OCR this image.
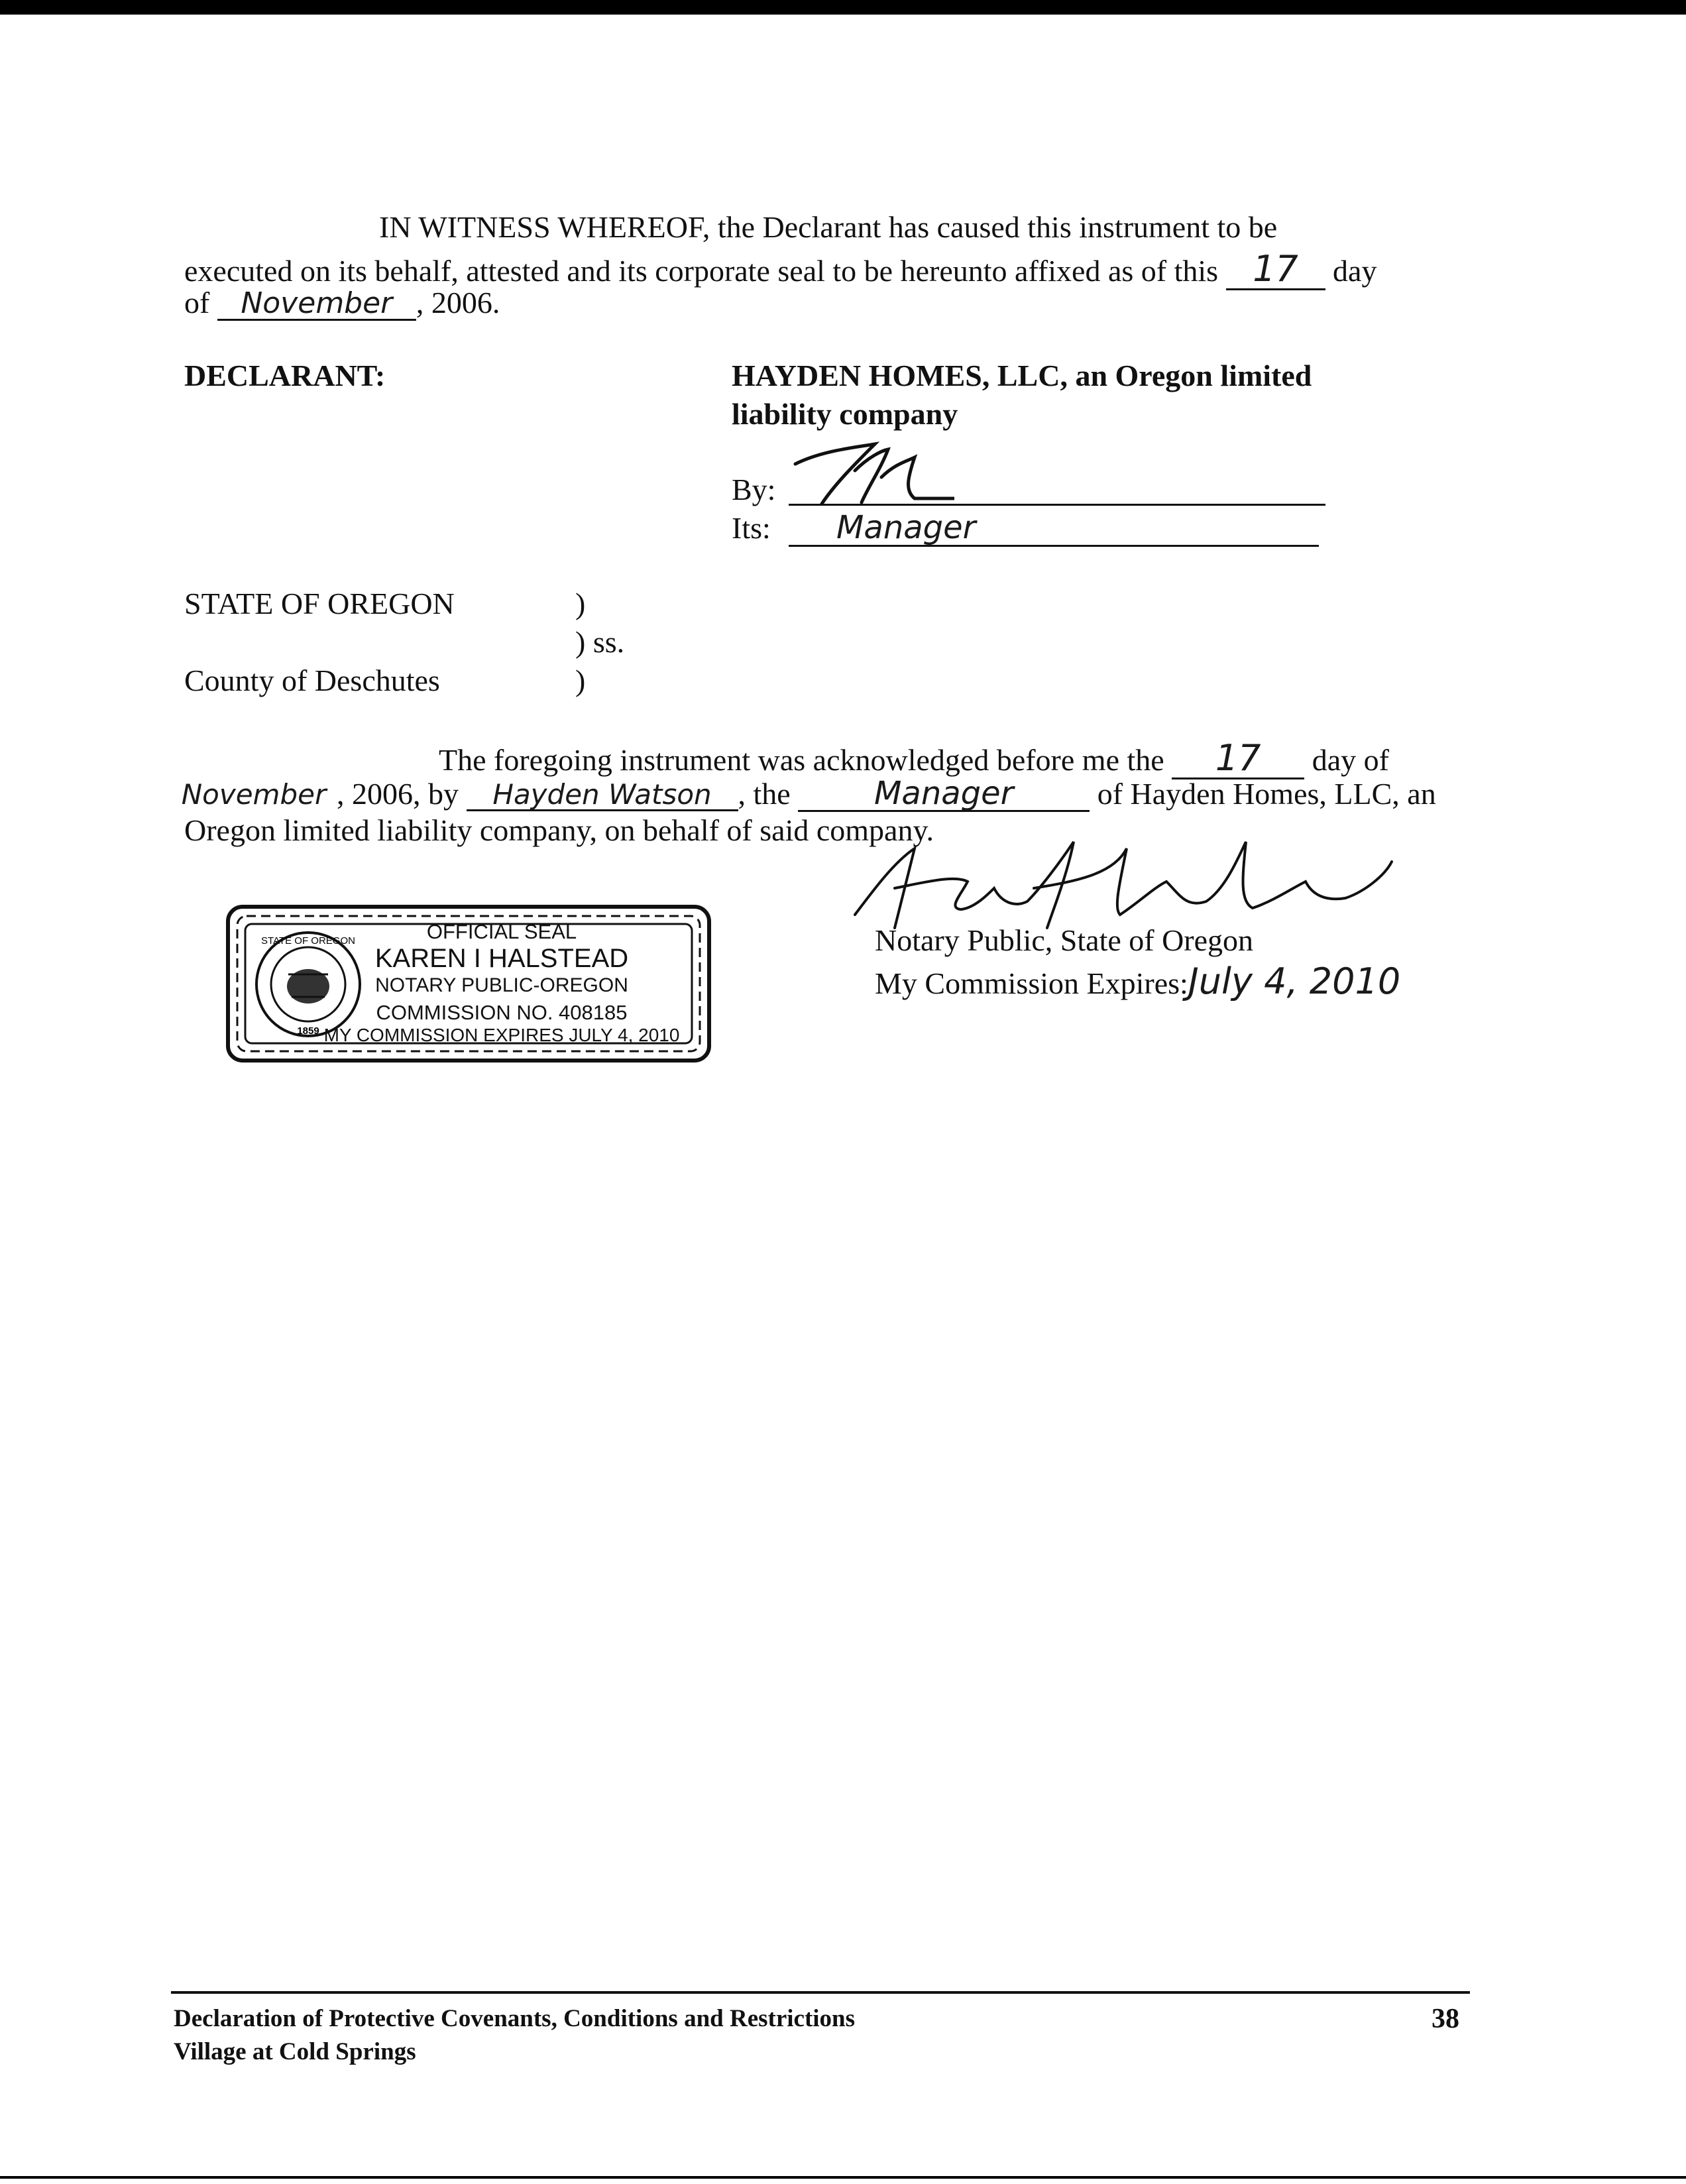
IN WITNESS WHEREOF, the Declarant has caused this instrument to be
executed on its behalf, attested and its corporate seal to be hereunto affixed as of this 17 day
of November , 2006.
DECLARANT:	HAYDEN HOMES, LLC, an Oregon limited
liability company
By:
Its: Manager
STATE OF OREGON	)
) ss.
County of Deschutes	)
The foregoing instrument was acknowledged before me the 17 day of
November , 2006, by Hayden Watson , the	Manager	of Hayden Homes, LLC, an
Oregon limited liability company, on behalf of said company.
Notary Public, State of Oregon
My Commission Expires:July 4, 2010
STATE OF OREGON
1859
OFFICIAL SEAL
KAREN I HALSTEAD
NOTARY PUBLIC-OREGON
COMMISSION NO. 408185
MY COMMISSION EXPIRES JULY 4, 2010
Declaration of Protective Covenants, Conditions and Restrictions
Village at Cold Springs
38
